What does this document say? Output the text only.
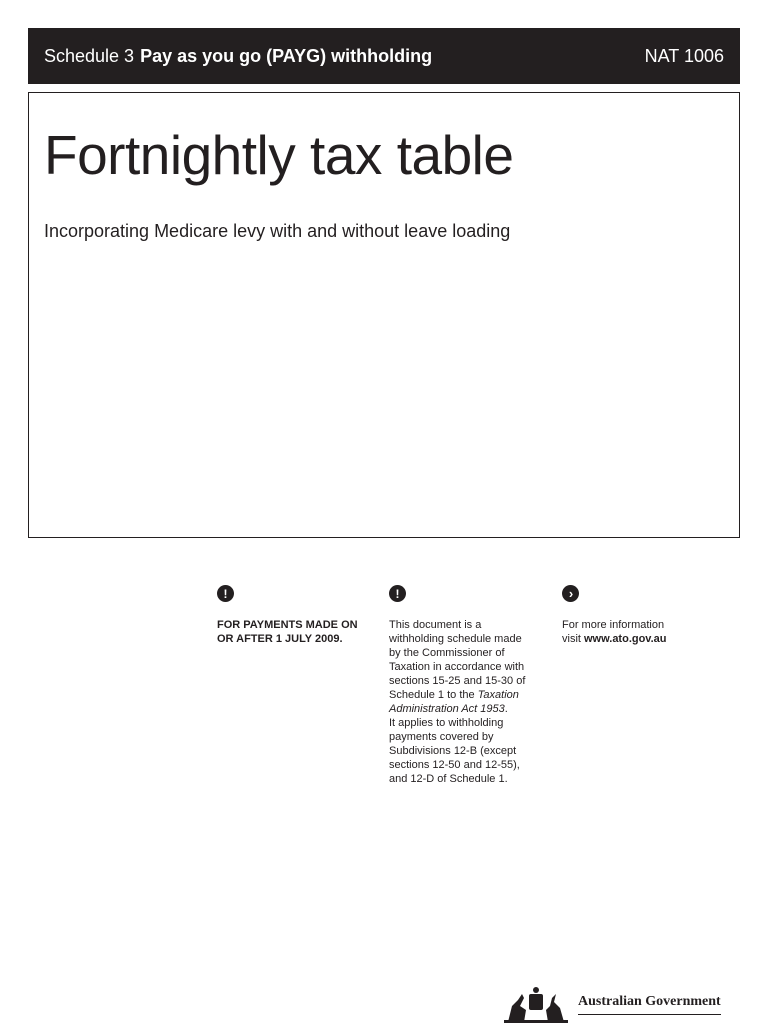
Schedule 3 Pay as you go (PAYG) withholding	NAT 1006
Fortnightly tax table

Incorporating Medicare levy with and without leave loading

!

FOR PAYMENTS MADE ON

OR AFTER 1 JULY 2009.

!

This document is a

withholding schedule made

by the Commissioner of

Taxation in accordance with

sections 15-25 and 15-30 of

Schedule 1 to the Taxation

Administration Act 1953.

It applies to withholding

payments covered by

Subdivisions 12-B (except

sections 12-50 and 12-55),

and 12-D of Schedule 1.

›

For more information

visit www.ato.gov.au

Australian Government
